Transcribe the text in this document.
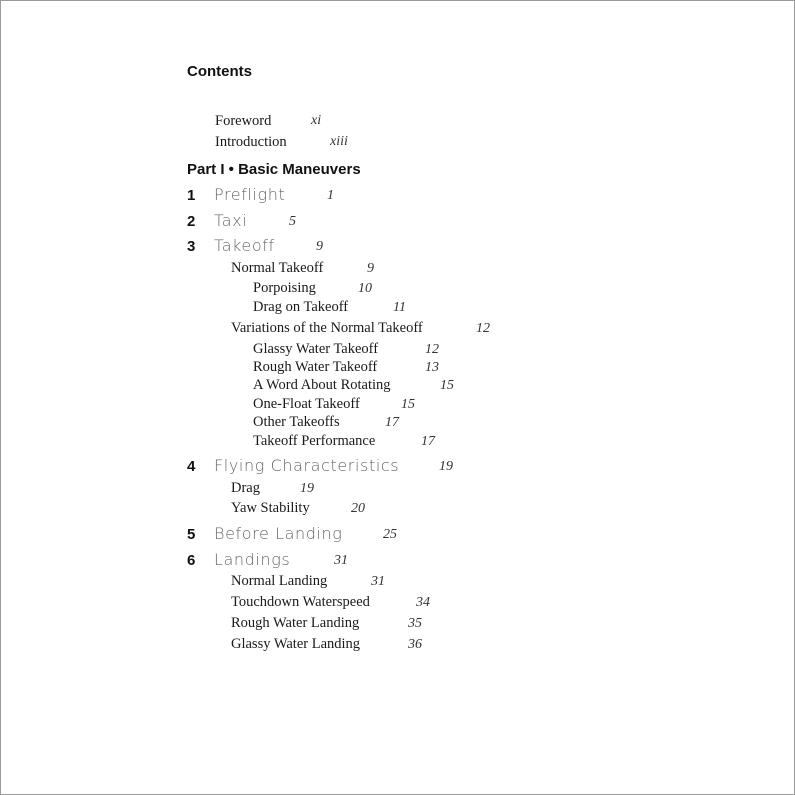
Contents
Foreword	xi
Introduction	xiii
Part I • Basic Maneuvers
1 Preflight	1
2 Taxi	5
3 Takeoff	9
Normal Takeoff	9
Porpoising	10
Drag on Takeoff	11
Variations of the Normal Takeoff	12
Glassy Water Takeoff	12
Rough Water Takeoff	13
A Word About Rotating	15
One-Float Takeoff	15
Other Takeoffs	17
Takeoff Performance	17
4 Flying Characteristics	19
Drag	19
Yaw Stability	20
5 Before Landing	25
6 Landings	31
Normal Landing	31
Touchdown Waterspeed	34
Rough Water Landing	35
Glassy Water Landing	36
